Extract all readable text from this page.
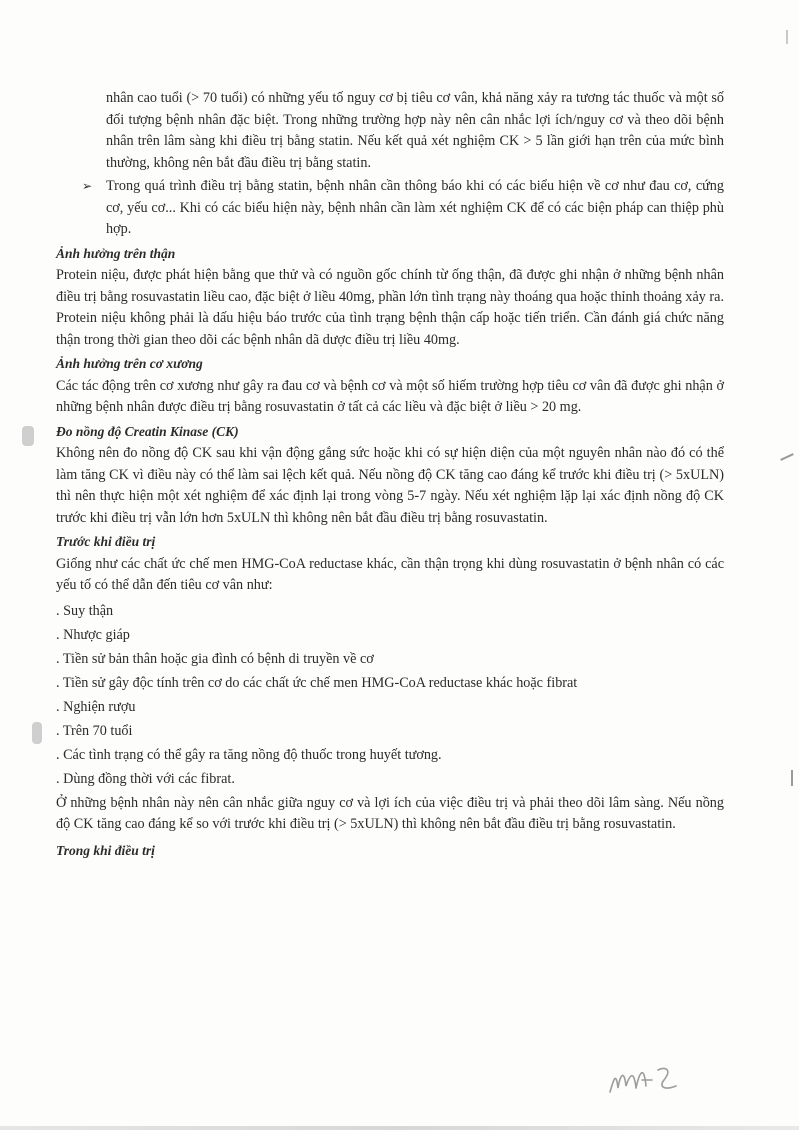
nhân cao tuổi (> 70 tuổi) có những yếu tố nguy cơ bị tiêu cơ vân, khả năng xảy ra tương tác thuốc và một số đối tượng bệnh nhân đặc biệt. Trong những trường hợp này nên cân nhắc lợi ích/nguy cơ và theo dõi bệnh nhân trên lâm sàng khi điều trị bằng statin. Nếu kết quả xét nghiệm CK > 5 lần giới hạn trên của mức bình thường, không nên bắt đầu điều trị bằng statin.

➢ Trong quá trình điều trị bằng statin, bệnh nhân cần thông báo khi có các biểu hiện về cơ như đau cơ, cứng cơ, yếu cơ... Khi có các biểu hiện này, bệnh nhân cần làm xét nghiệm CK để có các biện pháp can thiệp phù hợp.

Ảnh hưởng trên thận

Protein niệu, được phát hiện bằng que thử và có nguồn gốc chính từ ống thận, đã được ghi nhận ở những bệnh nhân điều trị bằng rosuvastatin liều cao, đặc biệt ở liều 40mg, phần lớn tình trạng này thoáng qua hoặc thỉnh thoảng xảy ra. Protein niệu không phải là dấu hiệu báo trước của tình trạng bệnh thận cấp hoặc tiến triển. Cần đánh giá chức năng thận trong thời gian theo dõi các bệnh nhân dã dược điều trị liều 40mg.

Ảnh hưởng trên cơ xương

Các tác động trên cơ xương như gây ra đau cơ và bệnh cơ và một số hiếm trường hợp tiêu cơ vân đã được ghi nhận ở những bệnh nhân được điều trị bằng rosuvastatin ở tất cả các liều và đặc biệt ở liều > 20 mg.

Đo nồng độ Creatin Kinase (CK)

Không nên đo nồng độ CK sau khi vận động gắng sức hoặc khi có sự hiện diện của một nguyên nhân nào đó có thể làm tăng CK vì điều này có thể làm sai lệch kết quả. Nếu nồng độ CK tăng cao đáng kể trước khi điều trị (> 5xULN) thì nên thực hiện một xét nghiệm để xác định lại trong vòng 5-7 ngày. Nếu xét nghiệm lặp lại xác định nồng độ CK trước khi điều trị vẫn lớn hơn 5xULN thì không nên bắt đầu điều trị bằng rosuvastatin.

Trước khi điều trị

Giống như các chất ức chế men HMG-CoA reductase khác, cần thận trọng khi dùng rosuvastatin ở bệnh nhân có các yếu tố có thể dẫn đến tiêu cơ vân như:

. Suy thận
. Nhược giáp
. Tiền sử bản thân hoặc gia đình có bệnh di truyền về cơ
. Tiền sử gây độc tính trên cơ do các chất ức chế men HMG-CoA reductase khác hoặc fibrat
. Nghiện rượu
. Trên 70 tuổi
. Các tình trạng có thể gây ra tăng nồng độ thuốc trong huyết tương.
. Dùng đồng thời với các fibrat.

Ở những bệnh nhân này nên cân nhắc giữa nguy cơ và lợi ích của việc điều trị và phải theo dõi lâm sàng. Nếu nồng độ CK tăng cao đáng kể so với trước khi điều trị (> 5xULN) thì không nên bắt đầu điều trị bằng rosuvastatin.

Trong khi điều trị
